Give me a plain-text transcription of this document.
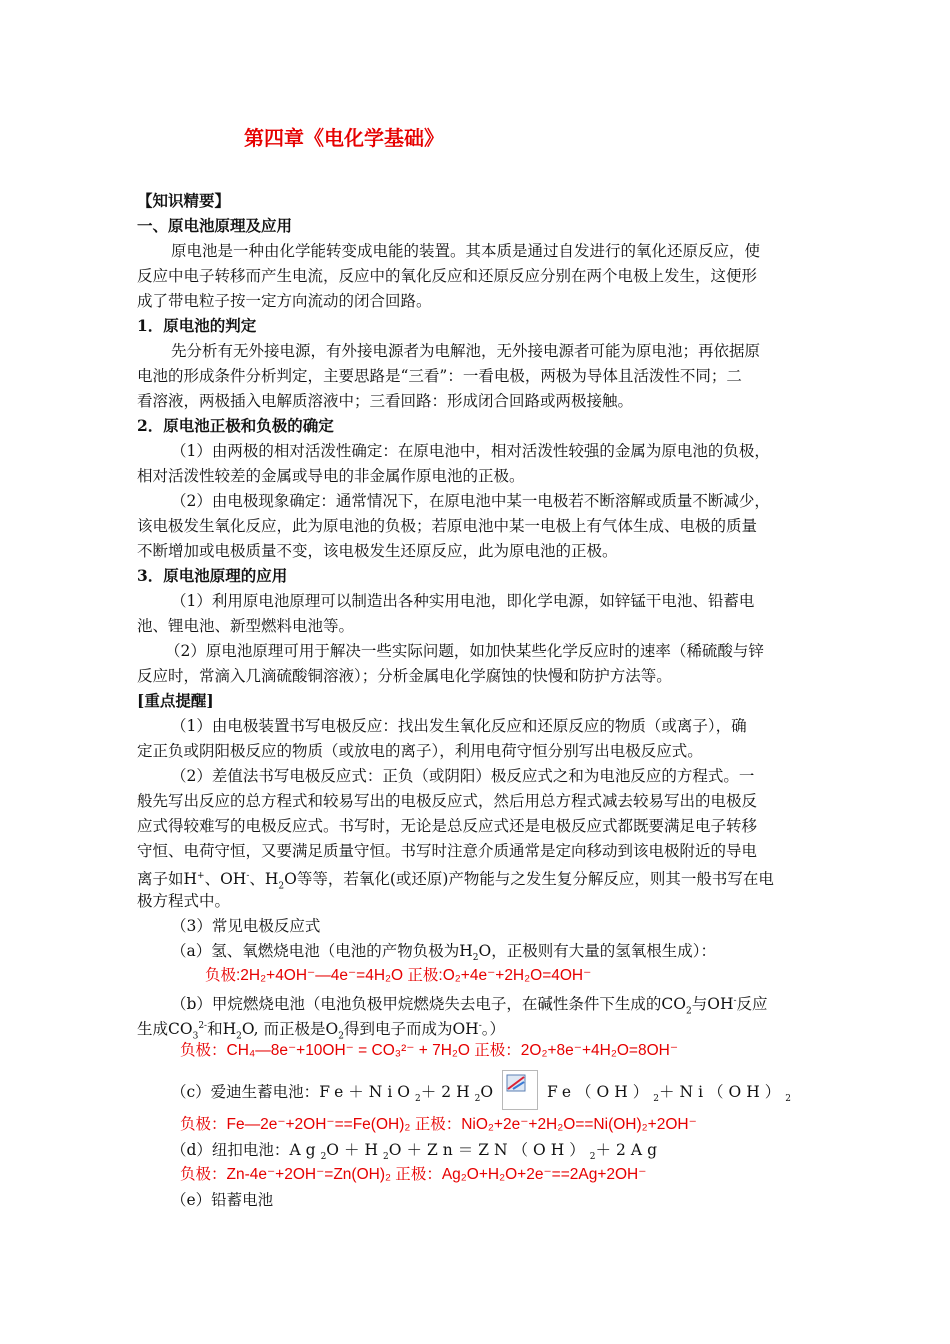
第四章《电化学基础》
【知识精要】
一、原电池原理及应用
原电池是一种由化学能转变成电能的装置。其本质是通过自发进行的氧化还原反应，使
反应中电子转移而产生电流，反应中的氧化反应和还原反应分别在两个电极上发生，这便形
成了带电粒子按一定方向流动的闭合回路。
1．原电池的判定
先分析有无外接电源，有外接电源者为电解池，无外接电源者可能为原电池；再依据原
电池的形成条件分析判定，主要思路是“三看”：一看电极，两极为导体且活泼性不同；二
看溶液，两极插入电解质溶液中；三看回路：形成闭合回路或两极接触。
2．原电池正极和负极的确定
（1）由两极的相对活泼性确定：在原电池中，相对活泼性较强的金属为原电池的负极，
相对活泼性较差的金属或导电的非金属作原电池的正极。
（2）由电极现象确定：通常情况下，在原电池中某一电极若不断溶解或质量不断减少，
该电极发生氧化反应，此为原电池的负极；若原电池中某一电极上有气体生成、电极的质量
不断增加或电极质量不变，该电极发生还原反应，此为原电池的正极。
3．原电池原理的应用
（1）利用原电池原理可以制造出各种实用电池，即化学电源，如锌锰干电池、铅蓄电
池、锂电池、新型燃料电池等。
（2）原电池原理可用于解决一些实际问题，如加快某些化学反应时的速率（稀硫酸与锌
反应时，常滴入几滴硫酸铜溶液）；分析金属电化学腐蚀的快慢和防护方法等。
[重点提醒]
（1）由电极装置书写电极反应：找出发生氧化反应和还原反应的物质（或离子），确
定正负或阴阳极反应的物质（或放电的离子），利用电荷守恒分别写出电极反应式。
（2）差值法书写电极反应式：正负（或阴阳）极反应式之和为电池反应的方程式。一
般先写出反应的总方程式和较易写出的电极反应式，然后用总方程式减去较易写出的电极反
应式得较难写的电极反应式。书写时，无论是总反应式还是电极反应式都既要满足电子转移
守恒、电荷守恒，又要满足质量守恒。书写时注意介质通常是定向移动到该电极附近的导电
离子如H+、OH-、$H_2O$等等，若氧化(或还原)产物能与之发生复分解反应，则其一般书写在电
极方程式中。
（3）常见电极反应式
（a）氢、氧燃烧电池（电池的产物负极为$H_2O$，正极则有大量的氢氧根生成）：
负极:2H₂+4OH⁻—4e⁻=4H₂O 正极:O₂+4e⁻+2H₂O=4OH⁻
（b）甲烷燃烧电池（电池负极甲烷燃烧失去电子，在碱性条件下生成的$CO_2$与OH-反应
生成$CO_3^{2-}$和$H_2O$, 而正极是$O_2$得到电子而成为OH-。）
负极：CH₄—8e⁻+10OH⁻ = CO₃²⁻ + 7H₂O 正极：2O₂+8e⁻+4H₂O=8OH⁻
（c）爱迪生蓄电池：$Fe+NiO_2+2H_2O$	$Fe(OH)_2+Ni(OH)_2$
负极：Fe—2e⁻+2OH⁻==Fe(OH)₂ 正极：NiO₂+2e⁻+2H₂O==Ni(OH)₂+2OH⁻
（d）纽扣电池：$Ag_2O+H_2O+Zn=ZN(OH)_2+2Ag$
负极：Zn-4e⁻+2OH⁻=Zn(OH)₂ 正极：Ag₂O+H₂O+2e⁻==2Ag+2OH⁻
（e）铅蓄电池
